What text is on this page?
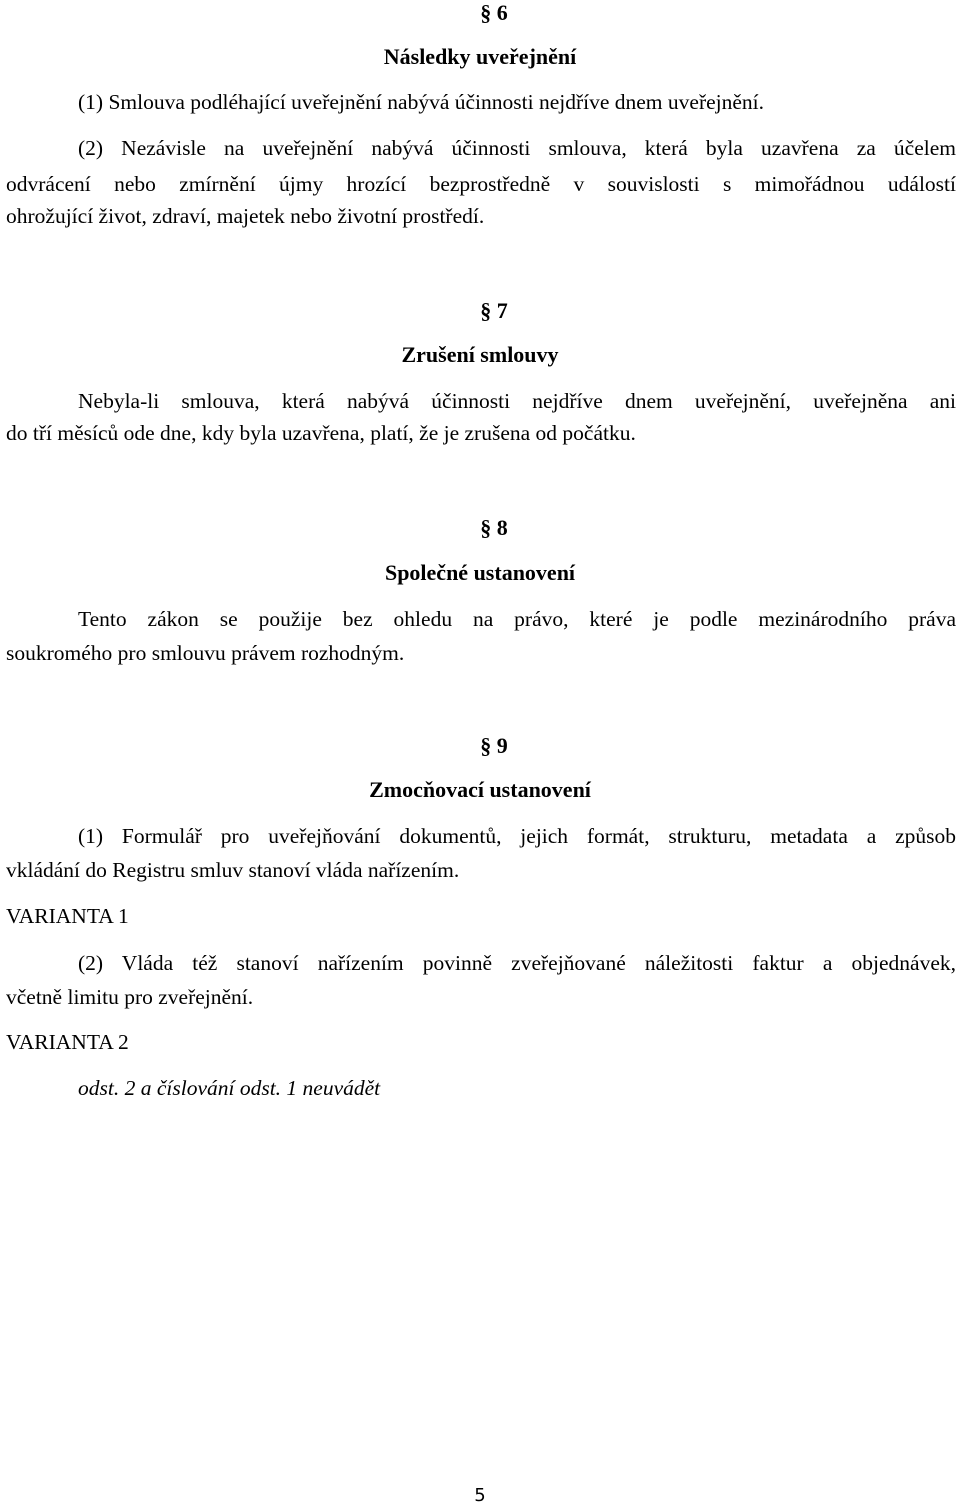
§ 6
Následky uveřejnění
(1) Smlouva podléhající uveřejnění nabývá účinnosti nejdříve dnem uveřejnění.
(2) Nezávisle na uveřejnění nabývá účinnosti smlouva, která byla uzavřena za účelem
odvrácení nebo zmírnění újmy hrozící bezprostředně v souvislosti s mimořádnou událostí
ohrožující život, zdraví, majetek nebo životní prostředí.
§ 7
Zrušení smlouvy
Nebyla-li smlouva, která nabývá účinnosti nejdříve dnem uveřejnění, uveřejněna ani
do tří měsíců ode dne, kdy byla uzavřena, platí, že je zrušena od počátku.
§ 8
Společné ustanovení
Tento zákon se použije bez ohledu na právo, které je podle mezinárodního práva
soukromého pro smlouvu právem rozhodným.
§ 9
Zmocňovací ustanovení
(1) Formulář pro uveřejňování dokumentů, jejich formát, strukturu, metadata a způsob
vkládání do Registru smluv stanoví vláda nařízením.
VARIANTA 1
(2) Vláda též stanoví nařízením povinně zveřejňované náležitosti faktur a objednávek,
včetně limitu pro zveřejnění.
VARIANTA 2
odst. 2 a číslování odst. 1 neuvádět
5
